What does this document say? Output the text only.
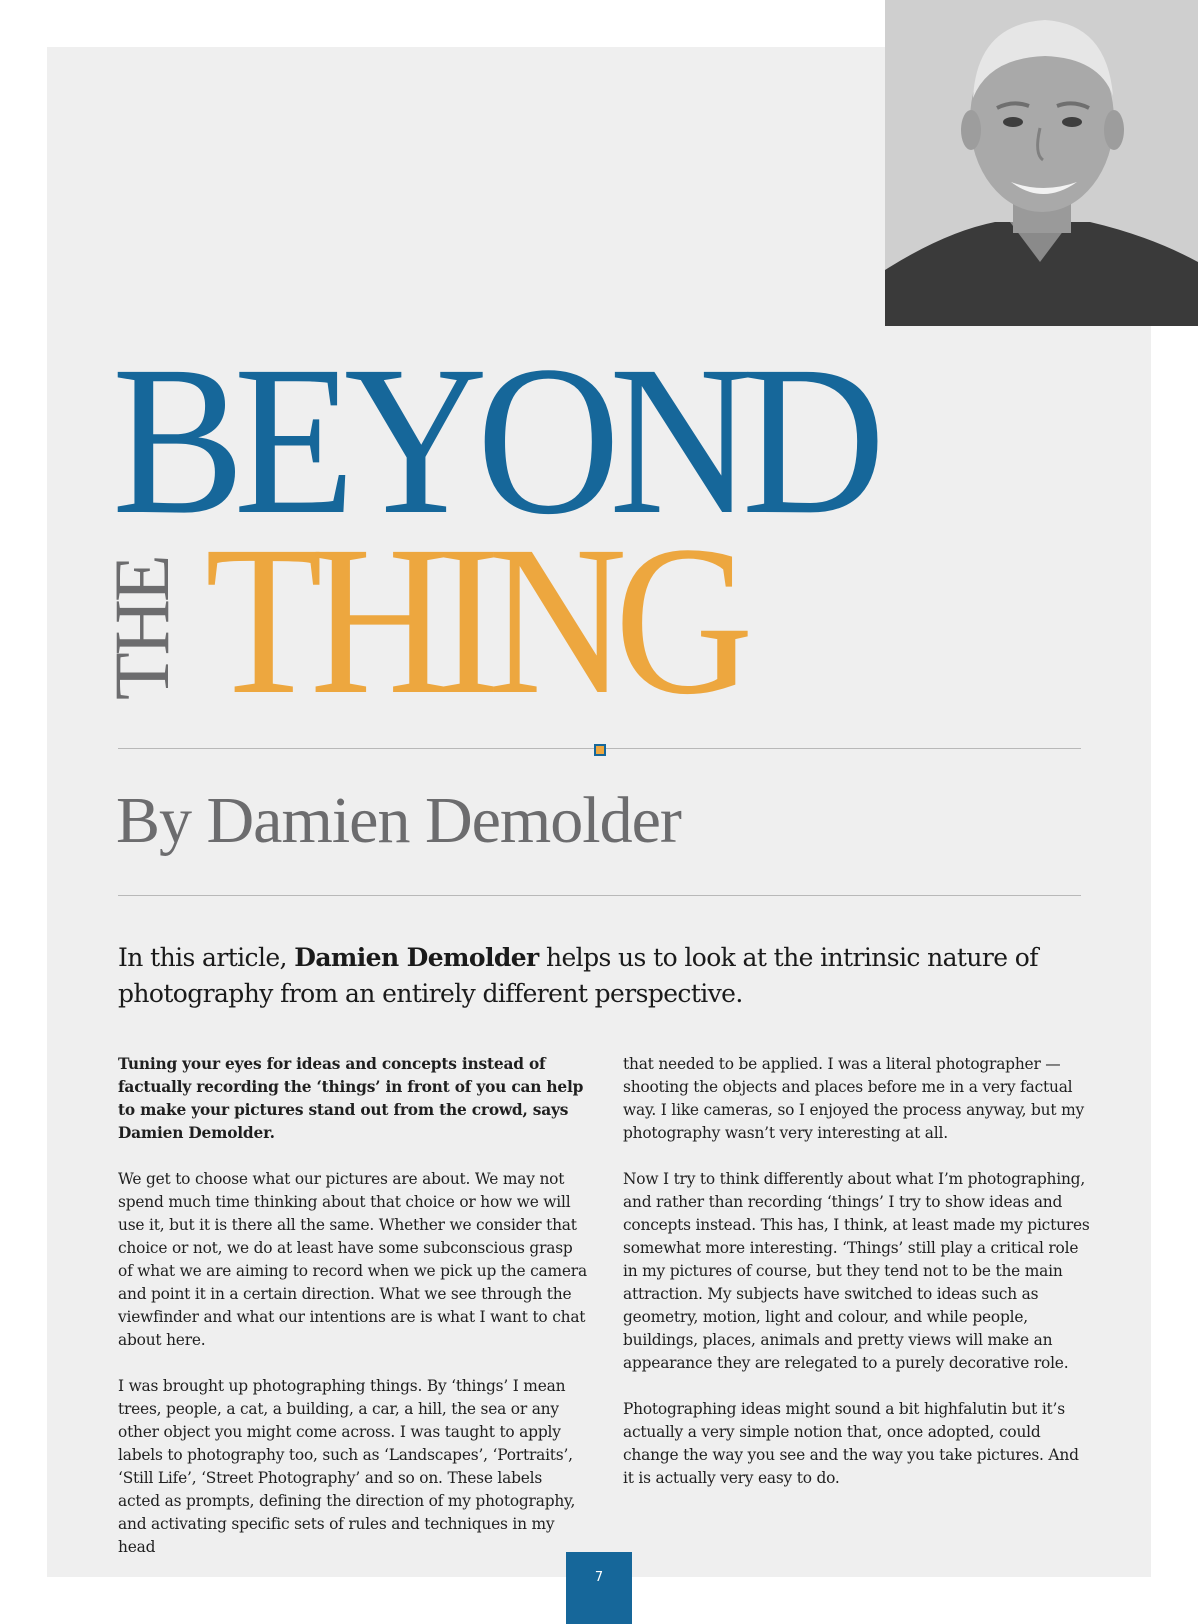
BEYOND
THE THING
By Damien Demolder
In this article, Damien Demolder helps us to look at the intrinsic nature of photography from an entirely different perspective.

Tuning your eyes for ideas and concepts instead of factually recording the ‘things’ in front of you can help to make your pictures stand out from the crowd, says Damien Demolder.

We get to choose what our pictures are about. We may not spend much time thinking about that choice or how we will use it, but it is there all the same. Whether we consider that choice or not, we do at least have some subconscious grasp of what we are aiming to record when we pick up the camera and point it in a certain direction. What we see through the viewfinder and what our intentions are is what I want to chat about here.

I was brought up photographing things. By ‘things’ I mean trees, people, a cat, a building, a car, a hill, the sea or any other object you might come across. I was taught to apply labels to photography too, such as ‘Landscapes’, ‘Portraits’, ‘Still Life’, ‘Street Photography’ and so on. These labels acted as prompts, defining the direction of my photography, and activating specific sets of rules and techniques in my head

that needed to be applied. I was a literal photographer — shooting the objects and places before me in a very factual way. I like cameras, so I enjoyed the process anyway, but my photography wasn’t very interesting at all.

Now I try to think differently about what I’m photographing, and rather than recording ‘things’ I try to show ideas and concepts instead. This has, I think, at least made my pictures somewhat more interesting. ‘Things’ still play a critical role in my pictures of course, but they tend not to be the main attraction. My subjects have switched to ideas such as geometry, motion, light and colour, and while people, buildings, places, animals and pretty views will make an appearance they are relegated to a purely decorative role.

Photographing ideas might sound a bit highfalutin but it’s actually a very simple notion that, once adopted, could change the way you see and the way you take pictures. And it is actually very easy to do.

7
